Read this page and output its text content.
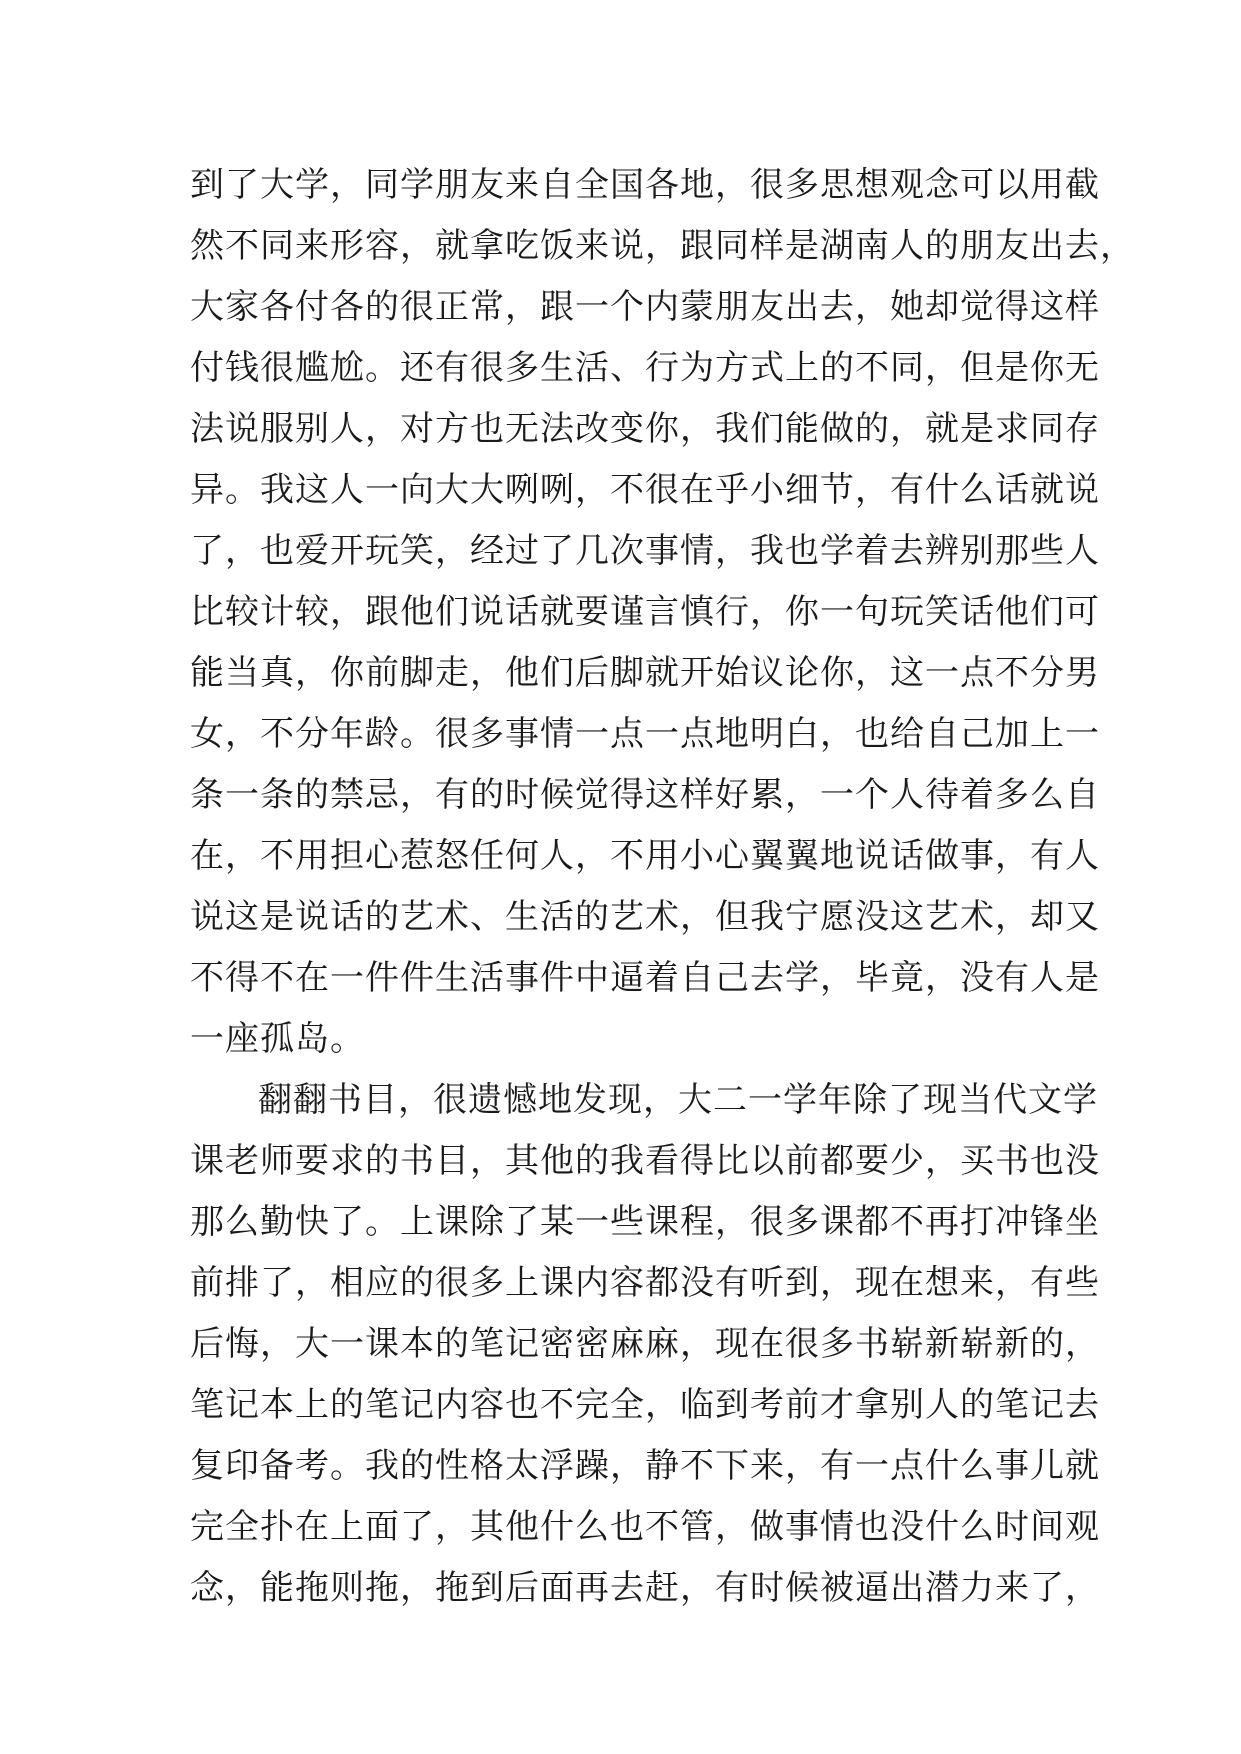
到了大学，同学朋友来自全国各地，很多思想观念可以用截
然不同来形容，就拿吃饭来说，跟同样是湖南人的朋友出去，
大家各付各的很正常，跟一个内蒙朋友出去，她却觉得这样
付钱很尴尬。还有很多生活、行为方式上的不同，但是你无
法说服别人，对方也无法改变你，我们能做的，就是求同存
异。我这人一向大大咧咧，不很在乎小细节，有什么话就说
了，也爱开玩笑，经过了几次事情，我也学着去辨别那些人
比较计较，跟他们说话就要谨言慎行，你一句玩笑话他们可
能当真，你前脚走，他们后脚就开始议论你，这一点不分男
女，不分年龄。很多事情一点一点地明白，也给自己加上一
条一条的禁忌，有的时候觉得这样好累，一个人待着多么自
在，不用担心惹怒任何人，不用小心翼翼地说话做事，有人
说这是说话的艺术、生活的艺术，但我宁愿没这艺术，却又
不得不在一件件生活事件中逼着自己去学，毕竟，没有人是
一座孤岛。
翻翻书目，很遗憾地发现，大二一学年除了现当代文学
课老师要求的书目，其他的我看得比以前都要少，买书也没
那么勤快了。上课除了某一些课程，很多课都不再打冲锋坐
前排了，相应的很多上课内容都没有听到，现在想来，有些
后悔，大一课本的笔记密密麻麻，现在很多书崭新崭新的，
笔记本上的笔记内容也不完全，临到考前才拿别人的笔记去
复印备考。我的性格太浮躁，静不下来，有一点什么事儿就
完全扑在上面了，其他什么也不管，做事情也没什么时间观
念，能拖则拖，拖到后面再去赶，有时候被逼出潜力来了，
